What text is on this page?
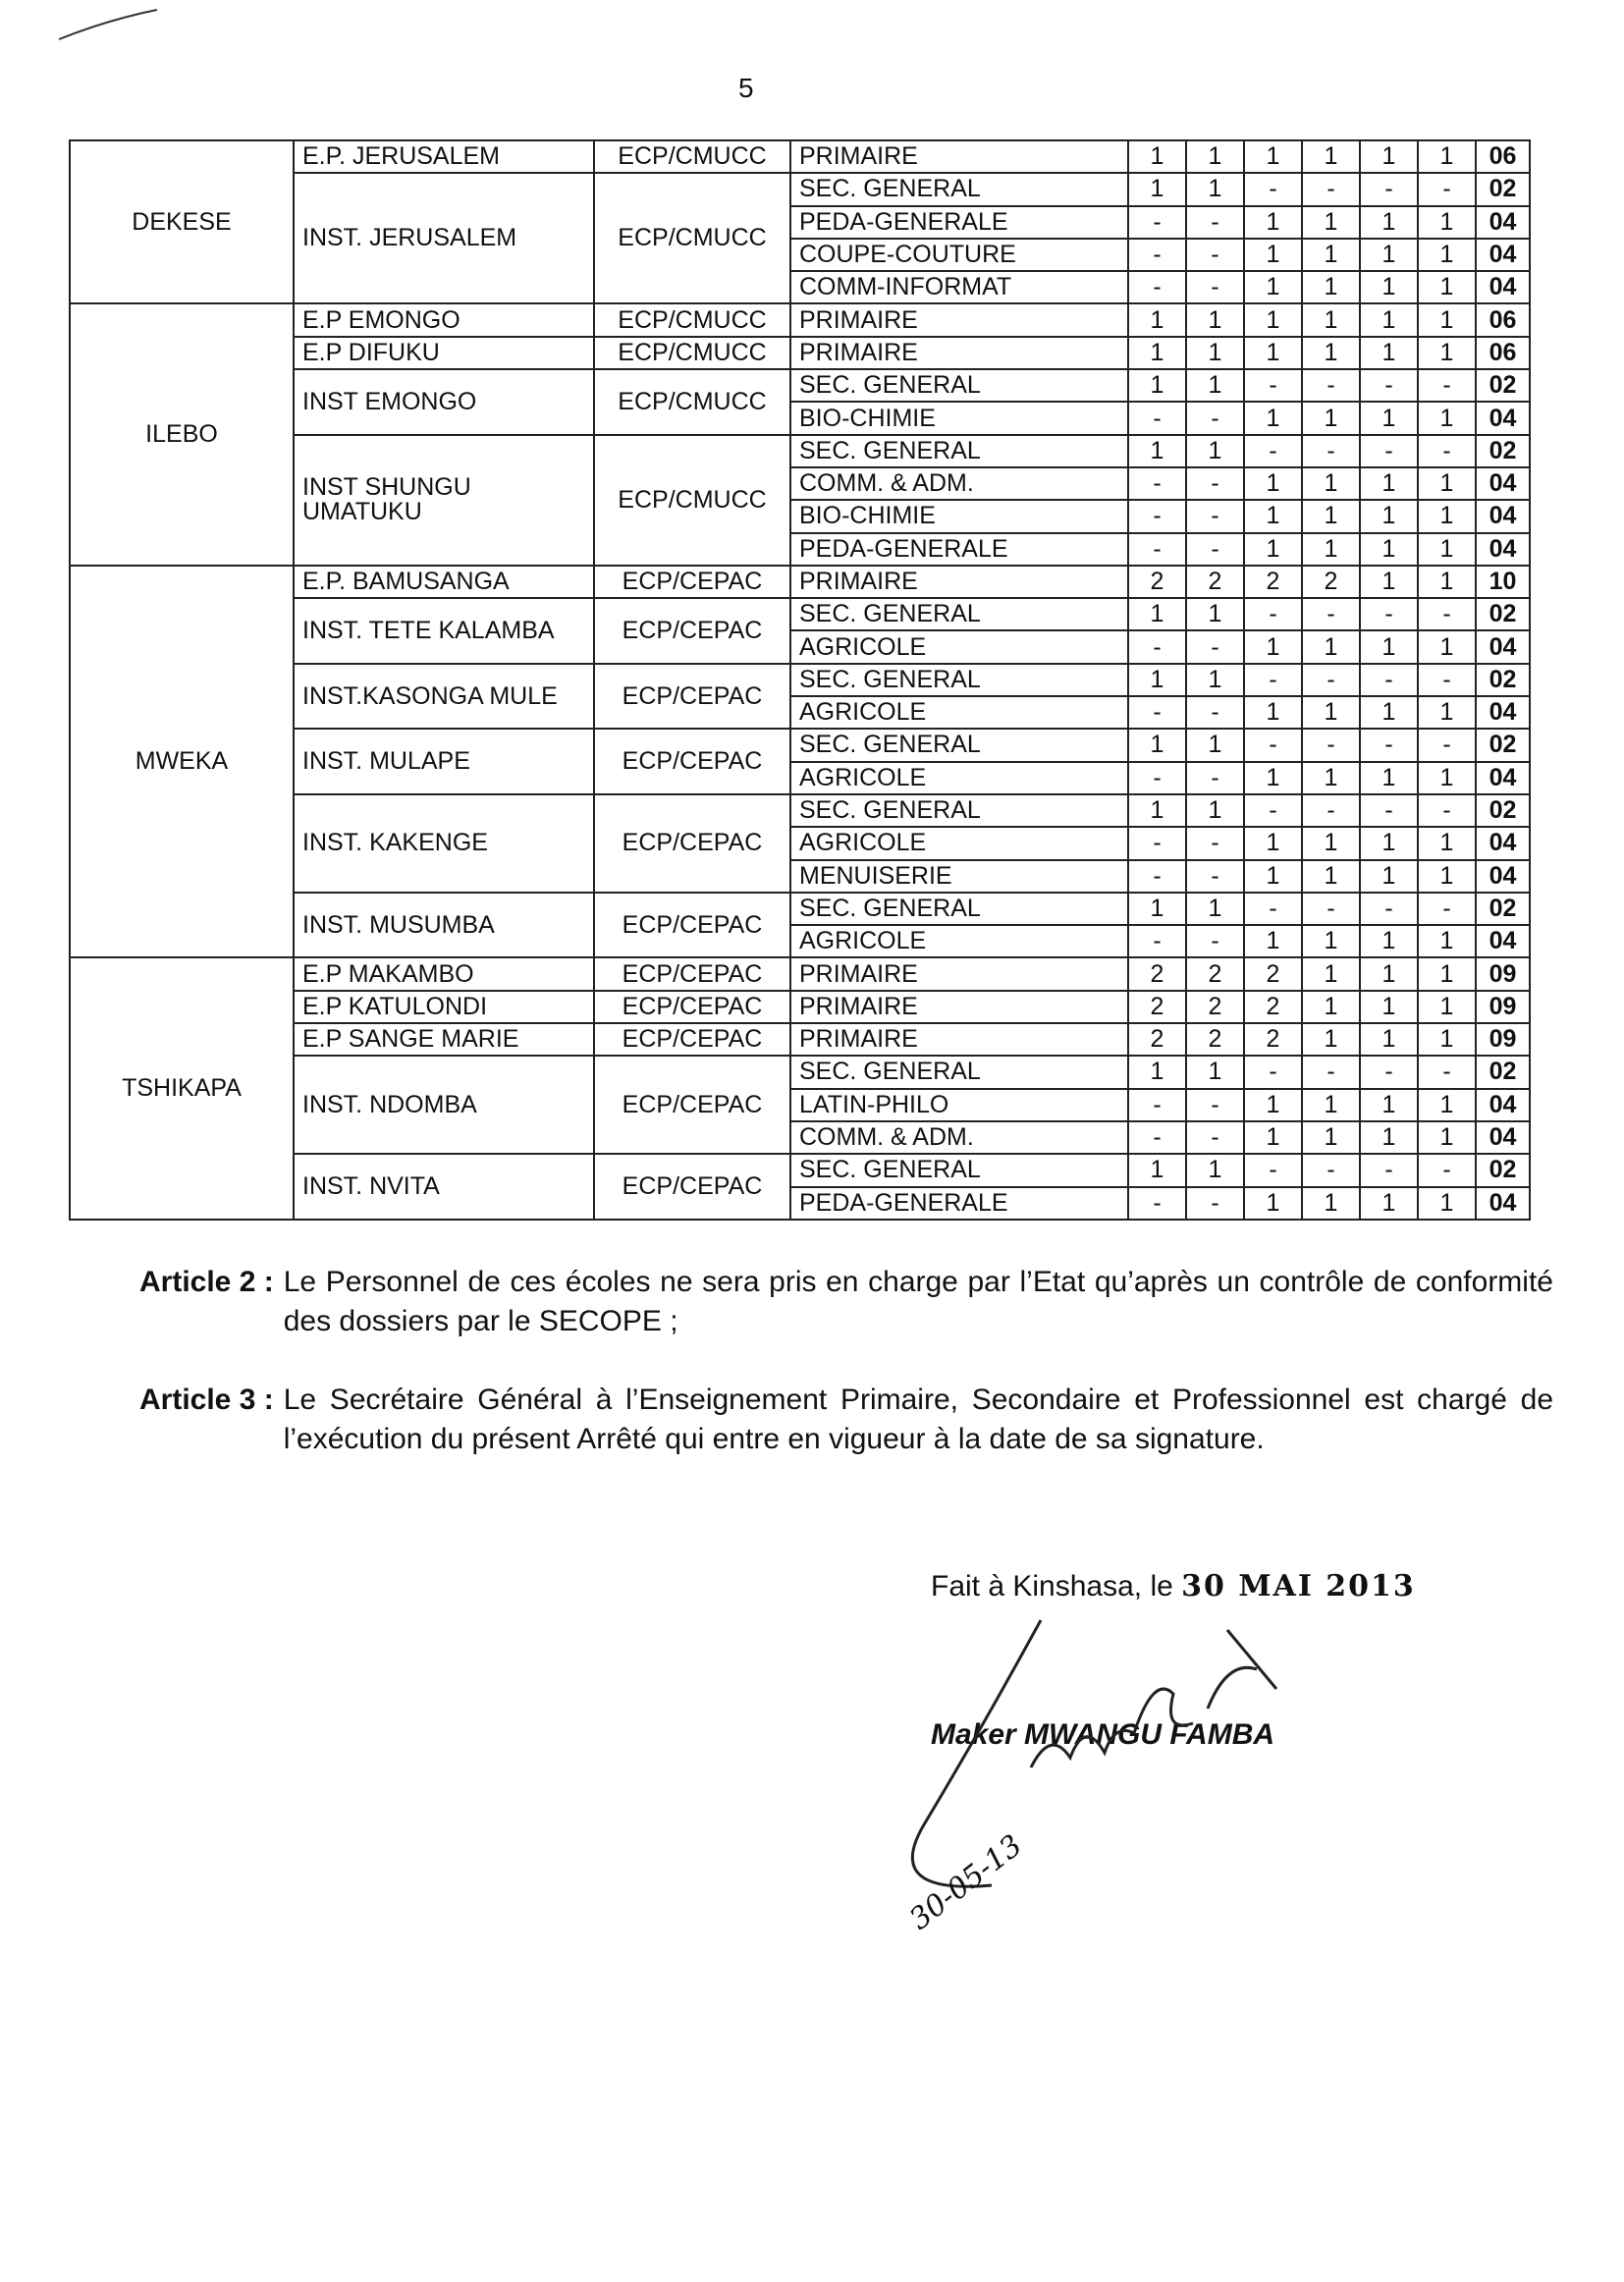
5
DEKESE	E.P. JERUSALEM	ECP/CMUCC	PRIMAIRE	1	1	1	1	1	1	06
	INST. JERUSALEM	ECP/CMUCC	SEC. GENERAL	1	1	-	-	-	-	02
			PEDA-GENERALE	-	-	1	1	1	1	04
			COUPE-COUTURE	-	-	1	1	1	1	04
			COMM-INFORMAT	-	-	1	1	1	1	04
ILEBO	E.P EMONGO	ECP/CMUCC	PRIMAIRE	1	1	1	1	1	1	06
	E.P DIFUKU	ECP/CMUCC	PRIMAIRE	1	1	1	1	1	1	06
	INST EMONGO	ECP/CMUCC	SEC. GENERAL	1	1	-	-	-	-	02
			BIO-CHIMIE	-	-	1	1	1	1	04
	INST SHUNGU UMATUKU	ECP/CMUCC	SEC. GENERAL	1	1	-	-	-	-	02
			COMM. & ADM.	-	-	1	1	1	1	04
			BIO-CHIMIE	-	-	1	1	1	1	04
			PEDA-GENERALE	-	-	1	1	1	1	04
MWEKA	E.P. BAMUSANGA	ECP/CEPAC	PRIMAIRE	2	2	2	2	1	1	10
	INST. TETE KALAMBA	ECP/CEPAC	SEC. GENERAL	1	1	-	-	-	-	02
			AGRICOLE	-	-	1	1	1	1	04
	INST.KASONGA MULE	ECP/CEPAC	SEC. GENERAL	1	1	-	-	-	-	02
			AGRICOLE	-	-	1	1	1	1	04
	INST. MULAPE	ECP/CEPAC	SEC. GENERAL	1	1	-	-	-	-	02
			AGRICOLE	-	-	1	1	1	1	04
	INST. KAKENGE	ECP/CEPAC	SEC. GENERAL	1	1	-	-	-	-	02
			AGRICOLE	-	-	1	1	1	1	04
			MENUISERIE	-	-	1	1	1	1	04
	INST. MUSUMBA	ECP/CEPAC	SEC. GENERAL	1	1	-	-	-	-	02
			AGRICOLE	-	-	1	1	1	1	04
TSHIKAPA	E.P MAKAMBO	ECP/CEPAC	PRIMAIRE	2	2	2	1	1	1	09
	E.P KATULONDI	ECP/CEPAC	PRIMAIRE	2	2	2	1	1	1	09
	E.P SANGE MARIE	ECP/CEPAC	PRIMAIRE	2	2	2	1	1	1	09
	INST. NDOMBA	ECP/CEPAC	SEC. GENERAL	1	1	-	-	-	-	02
			LATIN-PHILO	-	-	1	1	1	1	04
			COMM. & ADM.	-	-	1	1	1	1	04
	INST. NVITA	ECP/CEPAC	SEC. GENERAL	1	1	-	-	-	-	02
			PEDA-GENERALE	-	-	1	1	1	1	04
Article 2 : Le Personnel de ces écoles ne sera pris en charge par l’Etat qu’après un contrôle de conformité des dossiers par le SECOPE ;
Article 3 : Le Secrétaire Général à l’Enseignement Primaire, Secondaire et Professionnel est chargé de l’exécution du présent Arrêté qui entre en vigueur à la date de sa signature.
Fait à Kinshasa, le 30 MAI 2013
Maker MWANGU FAMBA
30-05-13
